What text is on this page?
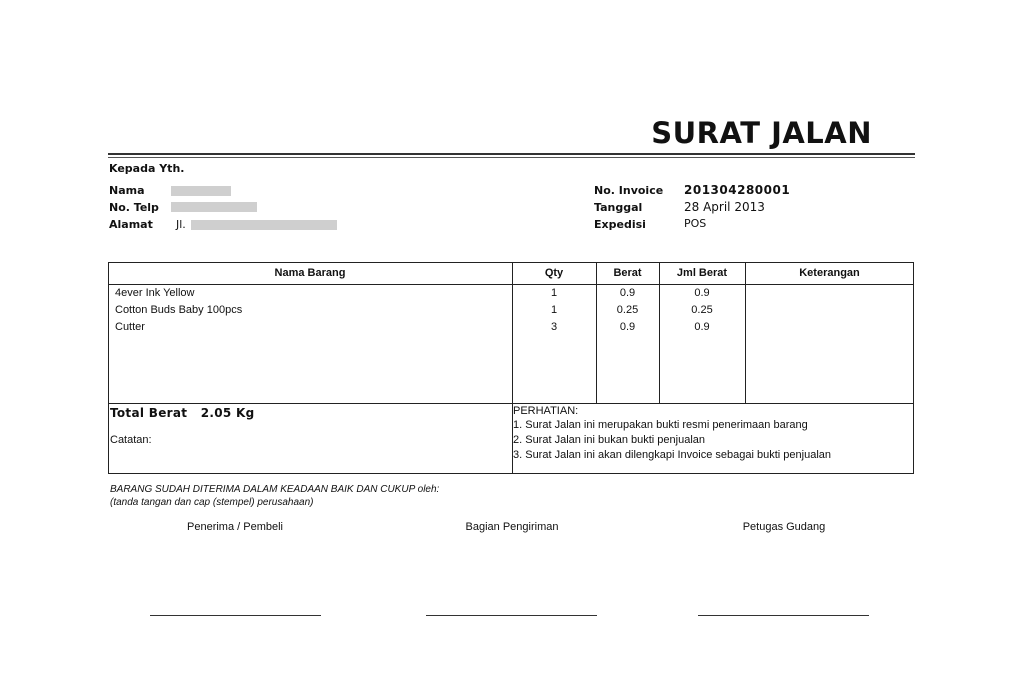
SURAT JALAN
Kepada Yth.
Nama
No. Telp
Alamat Jl.
No. Invoice 201304280001
Tanggal	28 April 2013
Expedisi	POS
Nama Barang	Qty	Berat	Jml Berat	Keterangan
4ever Ink Yellow	1	0.9	0.9
Cotton Buds Baby 100pcs	1	0.25	0.25
Cutter	3	0.9	0.9
Total Berat 2.05 Kg
Catatan:
PERHATIAN:
1. Surat Jalan ini merupakan bukti resmi penerimaan barang
2. Surat Jalan ini bukan bukti penjualan
3. Surat Jalan ini akan dilengkapi Invoice sebagai bukti penjualan
BARANG SUDAH DITERIMA DALAM KEADAAN BAIK DAN CUKUP oleh:
(tanda tangan dan cap (stempel) perusahaan)
Penerima / Pembeli	Bagian Pengiriman	Petugas Gudang
